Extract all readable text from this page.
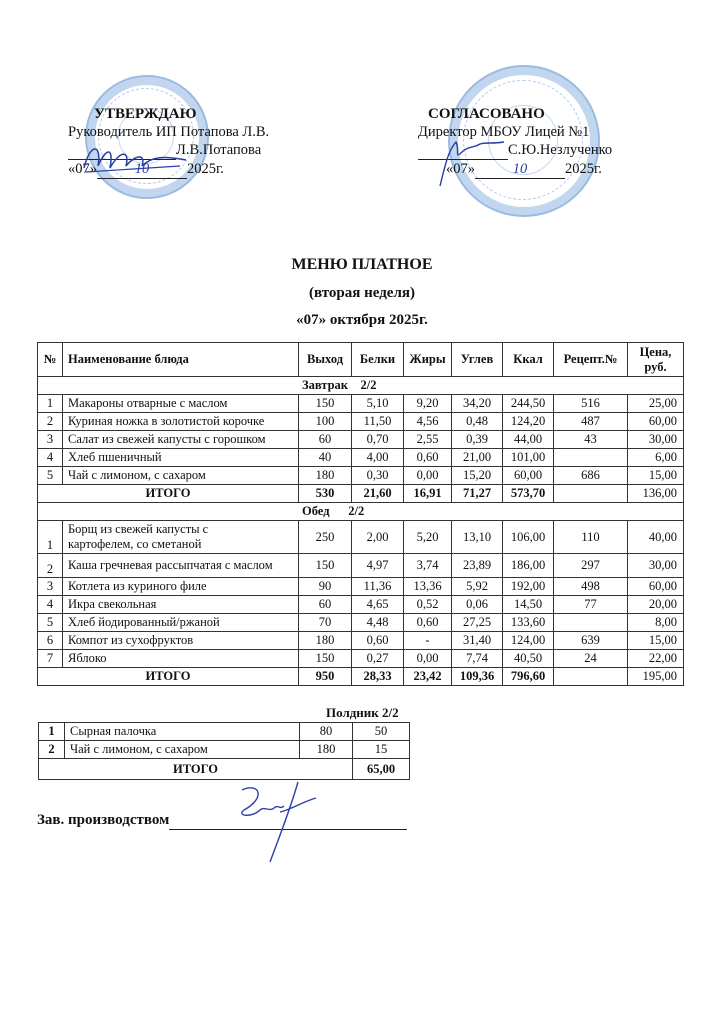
УТВЕРЖДАЮ
Руководитель ИП Потапова Л.В.
Л.В.Потапова
«07»	10	2025г.
СОГЛАСОВАНО
Директор МБОУ Лицей №1
С.Ю.Незлученко
«07»	10	2025г.
МЕНЮ ПЛАТНОЕ
(вторая неделя)
«07» октября 2025г.
№	Наименование блюда	Выход	Белки	Жиры	Углев	Ккал	Рецепт.№	Цена, руб.
Завтрак    2/2								
1	Макароны отварные с маслом	150	5,10	9,20	34,20	244,50	516	25,00
2	Куриная ножка в золотистой корочке	100	11,50	4,56	0,48	124,20	487	60,00
3	Салат из свежей капусты с горошком	60	0,70	2,55	0,39	44,00	43	30,00
4	Хлеб пшеничный	40	4,00	0,60	21,00	101,00		6,00
5	Чай с лимоном, с сахаром	180	0,30	0,00	15,20	60,00	686	15,00
ИТОГО		530	21,60	16,91	71,27	573,70		136,00
Обед      2/2								
1	Борщ из свежей капусты с картофелем, со сметаной	250	2,00	5,20	13,10	106,00	110	40,00
2	Каша гречневая рассыпчатая с маслом	150	4,97	3,74	23,89	186,00	297	30,00
3	Котлета из куриного филе	90	11,36	13,36	5,92	192,00	498	60,00
4	Икра свекольная	60	4,65	0,52	0,06	14,50	77	20,00
5	Хлеб йодированный/ржаной	70	4,48	0,60	27,25	133,60		8,00
6	Компот из сухофруктов	180	0,60	-	31,40	124,00	639	15,00
7	Яблоко	150	0,27	0,00	7,74	40,50	24	22,00
ИТОГО		950	28,33	23,42	109,36	796,60		195,00
Полдник 2/2
1	Сырная палочка	80	50
2	Чай с лимоном, с сахаром	180	15
ИТОГО			65,00
Зав. производством
